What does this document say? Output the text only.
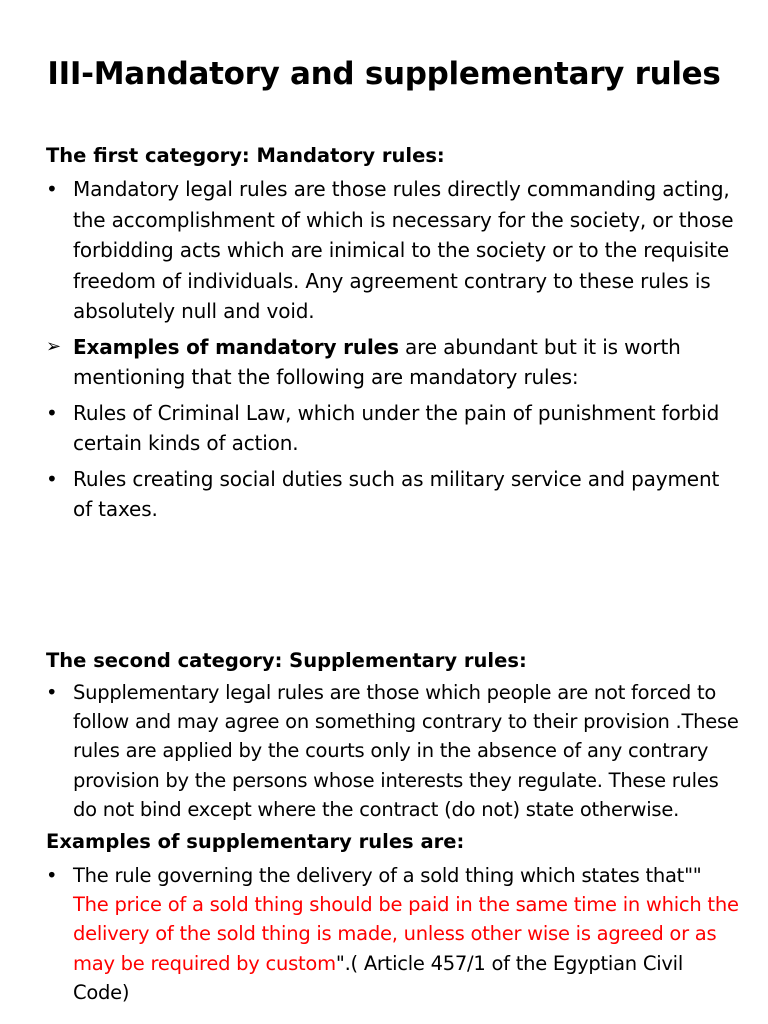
III-Mandatory and supplementary rules
The first category: Mandatory rules:
• Mandatory legal rules are those rules directly commanding acting, the accomplishment of which is necessary for the society, or those forbidding acts which are inimical to the society or to the requisite freedom of individuals. Any agreement contrary to these rules is absolutely null and void.
➢ Examples of mandatory rules are abundant but it is worth mentioning that the following are mandatory rules:
• Rules of Criminal Law, which under the pain of punishment forbid certain kinds of action.
• Rules creating social duties such as military service and payment of taxes.
The second category: Supplementary rules:
• Supplementary legal rules are those which people are not forced to follow and may agree on something contrary to their provision .These rules are applied by the courts only in the absence of any contrary provision by the persons whose interests they regulate. These rules do not bind except where the contract (do not) state otherwise.
Examples of supplementary rules are:
• The rule governing the delivery of a sold thing which states that""
The price of a sold thing should be paid in the same time in which the delivery of the sold thing is made, unless other wise is agreed or as may be required by custom".( Article 457/1 of the Egyptian Civil Code)
